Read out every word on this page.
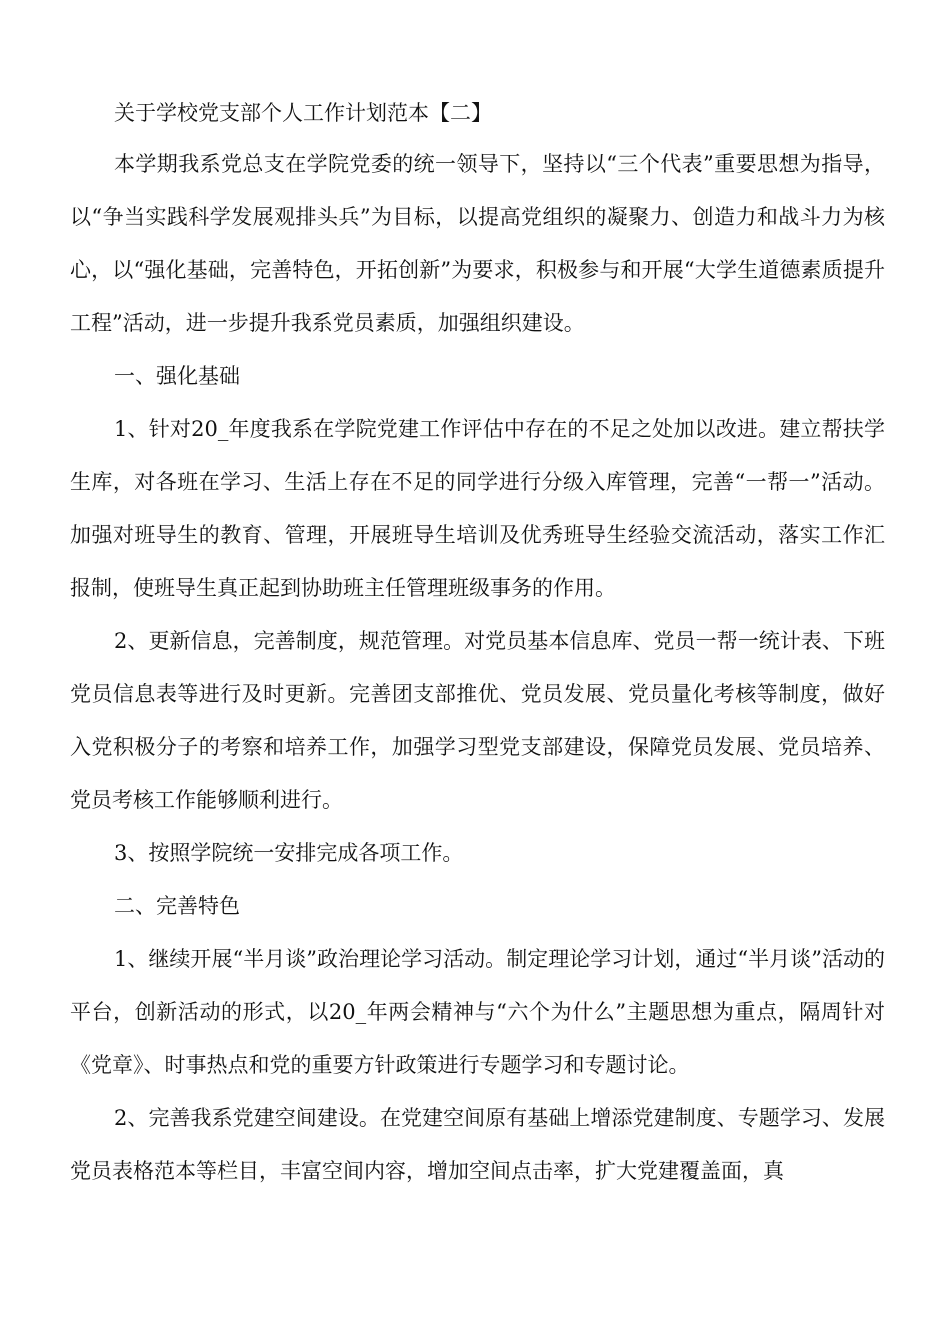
关于学校党支部个人工作计划范本【二】

本学期我系党总支在学院党委的统一领导下，坚持以“三个代表”重要思想为指导，以“争当实践科学发展观排头兵”为目标，以提高党组织的凝聚力、创造力和战斗力为核心，以“强化基础，完善特色，开拓创新”为要求，积极参与和开展“大学生道德素质提升工程”活动，进一步提升我系党员素质，加强组织建设。

一、强化基础

1、针对20_年度我系在学院党建工作评估中存在的不足之处加以改进。建立帮扶学生库，对各班在学习、生活上存在不足的同学进行分级入库管理，完善“一帮一”活动。加强对班导生的教育、管理，开展班导生培训及优秀班导生经验交流活动，落实工作汇报制，使班导生真正起到协助班主任管理班级事务的作用。

2、更新信息，完善制度，规范管理。对党员基本信息库、党员一帮一统计表、下班党员信息表等进行及时更新。完善团支部推优、党员发展、党员量化考核等制度，做好入党积极分子的考察和培养工作，加强学习型党支部建设，保障党员发展、党员培养、党员考核工作能够顺利进行。

3、按照学院统一安排完成各项工作。

二、完善特色

1、继续开展“半月谈”政治理论学习活动。制定理论学习计划，通过“半月谈”活动的平台，创新活动的形式，以20_年两会精神与“六个为什么”主题思想为重点，隔周针对《党章》、时事热点和党的重要方针政策进行专题学习和专题讨论。

2、完善我系党建空间建设。在党建空间原有基础上增添党建制度、专题学习、发展党员表格范本等栏目，丰富空间内容，增加空间点击率，扩大党建覆盖面，真
